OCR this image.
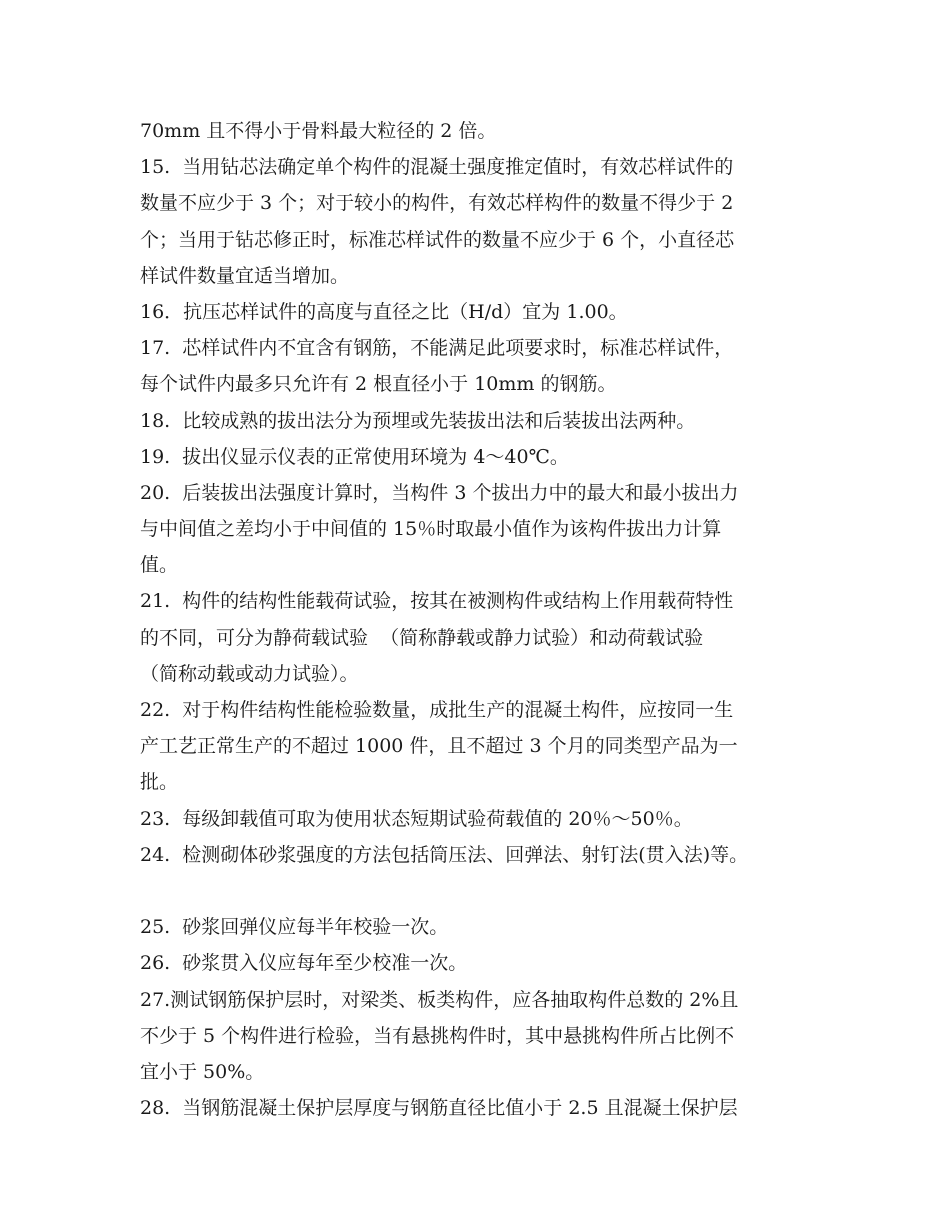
70mm 且不得小于骨料最大粒径的 2 倍。
15.  当用钻芯法确定单个构件的混凝土强度推定值时，有效芯样试件的
数量不应少于 3 个；对于较小的构件，有效芯样构件的数量不得少于 2
个；当用于钻芯修正时，标准芯样试件的数量不应少于 6 个，小直径芯
样试件数量宜适当增加。
16．抗压芯样试件的高度与直径之比（H/d）宜为 1.00。
17.  芯样试件内不宜含有钢筋，不能满足此项要求时，标准芯样试件，
每个试件内最多只允许有 2 根直径小于 10mm 的钢筋。
18.  比较成熟的拔出法分为预埋或先装拔出法和后装拔出法两种。
19.  拔出仪显示仪表的正常使用环境为 4～40℃。
20.  后装拔出法强度计算时，当构件 3 个拔出力中的最大和最小拔出力
与中间值之差均小于中间值的 15％时取最小值作为该构件拔出力计算
值。
21.  构件的结构性能载荷试验，按其在被测构件或结构上作用载荷特性
的不同，可分为静荷载试验  （简称静载或静力试验）和动荷载试验
（简称动载或动力试验）。
22.  对于构件结构性能检验数量，成批生产的混凝土构件，应按同一生
产工艺正常生产的不超过 1000 件，且不超过 3 个月的同类型产品为一
批。
23.  每级卸载值可取为使用状态短期试验荷载值的 20％～50％。
24.  检测砌体砂浆强度的方法包括筒压法、回弹法、射钉法(贯入法)等。
25.  砂浆回弹仪应每半年校验一次。
26.  砂浆贯入仪应每年至少校准一次。
27.测试钢筋保护层时，对梁类、板类构件，应各抽取构件总数的 2%且
不少于 5 个构件进行检验，当有悬挑构件时，其中悬挑构件所占比例不
宜小于 50%。
28.  当钢筋混凝土保护层厚度与钢筋直径比值小于 2.5 且混凝土保护层
